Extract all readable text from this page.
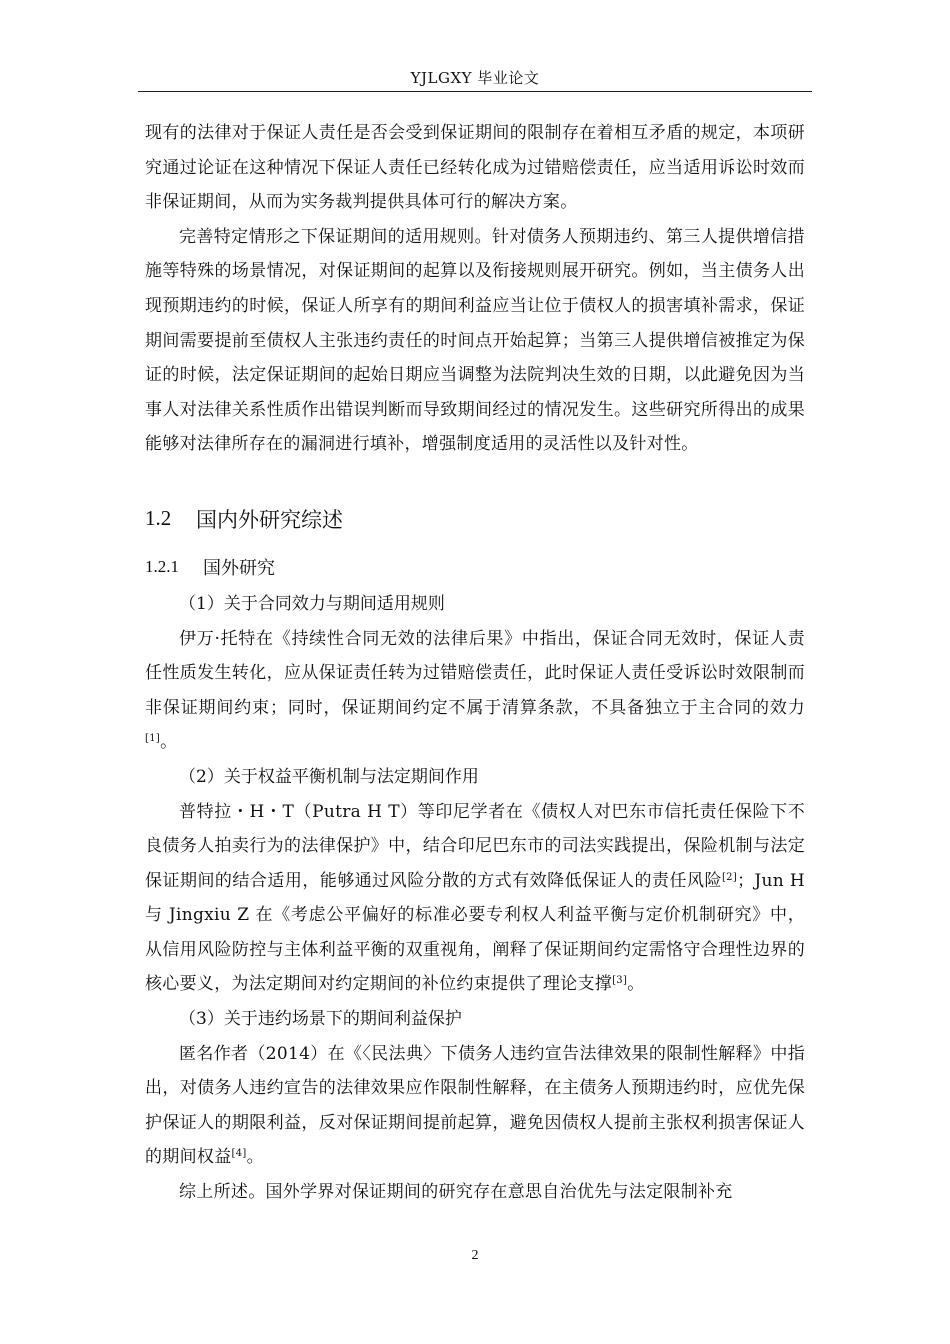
YJLGXY 毕业论文

现有的法律对于保证人责任是否会受到保证期间的限制存在着相互矛盾的规定，本项研究通过论证在这种情况下保证人责任已经转化成为过错赔偿责任，应当适用诉讼时效而非保证期间，从而为实务裁判提供具体可行的解决方案。

完善特定情形之下保证期间的适用规则。针对债务人预期违约、第三人提供增信措施等特殊的场景情况，对保证期间的起算以及衔接规则展开研究。例如，当主债务人出现预期违约的时候，保证人所享有的期间利益应当让位于债权人的损害填补需求，保证期间需要提前至债权人主张违约责任的时间点开始起算；当第三人提供增信被推定为保证的时候，法定保证期间的起始日期应当调整为法院判决生效的日期，以此避免因为当事人对法律关系性质作出错误判断而导致期间经过的情况发生。这些研究所得出的成果能够对法律所存在的漏洞进行填补，增强制度适用的灵活性以及针对性。

1.2	国内外研究综述
1.2.1	国外研究

（1）关于合同效力与期间适用规则

伊万·托特在《持续性合同无效的法律后果》中指出，保证合同无效时，保证人责任性质发生转化，应从保证责任转为过错赔偿责任，此时保证人责任受诉讼时效限制而非保证期间约束；同时，保证期间约定不属于清算条款，不具备独立于主合同的效力[1]。

（2）关于权益平衡机制与法定期间作用

普特拉・H・T（Putra H T）等印尼学者在《债权人对巴东市信托责任保险下不良债务人拍卖行为的法律保护》中，结合印尼巴东市的司法实践提出，保险机制与法定保证期间的结合适用，能够通过风险分散的方式有效降低保证人的责任风险[2]；Jun H 与 Jingxiu Z 在《考虑公平偏好的标准必要专利权人利益平衡与定价机制研究》中，从信用风险防控与主体利益平衡的双重视角，阐释了保证期间约定需恪守合理性边界的核心要义，为法定期间对约定期间的补位约束提供了理论支撑[3]。

（3）关于违约场景下的期间利益保护

匿名作者（2014）在《〈民法典〉下债务人违约宣告法律效果的限制性解释》中指出，对债务人违约宣告的法律效果应作限制性解释，在主债务人预期违约时，应优先保护保证人的期限利益，反对保证期间提前起算，避免因债权人提前主张权利损害保证人的期间权益[4]。

综上所述。国外学界对保证期间的研究存在意思自治优先与法定限制补充

2
